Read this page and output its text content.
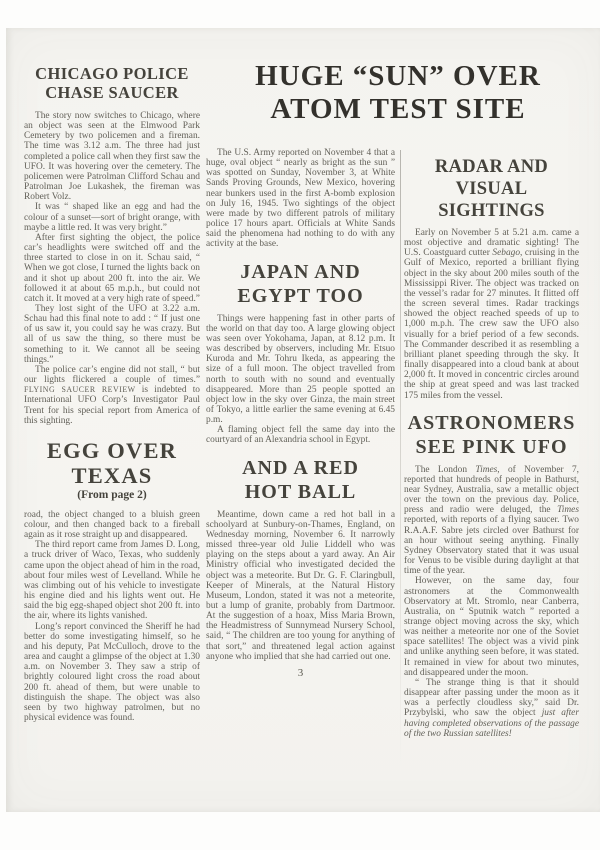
HUGE “SUN” OVER
ATOM TEST SITE
CHICAGO POLICE
CHASE SAUCER

The story now switches to Chicago, where an object was seen at the Elmwood Park Cemetery by two policemen and a fireman. The time was 3.12 a.m. The three had just completed a police call when they first saw the UFO. It was hovering over the cemetery. The policemen were Patrolman Clifford Schau and Patrolman Joe Lukashek, the fireman was Robert Volz.

It was “ shaped like an egg and had the colour of a sunset—sort of bright orange, with maybe a little red. It was very bright.”

After first sighting the object, the police car’s headlights were switched off and the three started to close in on it. Schau said, “ When we got close, I turned the lights back on and it shot up about 200 ft. into the air. We followed it at about 65 m.p.h., but could not catch it. It moved at a very high rate of speed.”

They lost sight of the UFO at 3.22 a.m. Schau had this final note to add : “ If just one of us saw it, you could say he was crazy. But all of us saw the thing, so there must be something to it. We cannot all be seeing things.”

The police car’s engine did not stall, “ but our lights flickered a couple of times.” FLYING SAUCER REVIEW is indebted to International UFO Corp’s Investigator Paul Trent for his special report from America of this sighting.

EGG OVER TEXAS
(From page 2)

road, the object changed to a bluish green colour, and then changed back to a fireball again as it rose straight up and disappeared.

The third report came from James D. Long, a truck driver of Waco, Texas, who suddenly came upon the object ahead of him in the road, about four miles west of Levelland. While he was climbing out of his vehicle to investigate his engine died and his lights went out. He said the big egg-shaped object shot 200 ft. into the air, where its lights vanished.

Long’s report convinced the Sheriff he had better do some investigating himself, so he and his deputy, Pat McCulloch, drove to the area and caught a glimpse of the object at 1.30 a.m. on November 3. They saw a strip of brightly coloured light cross the road about 200 ft. ahead of them, but were unable to distinguish the shape. The object was also seen by two highway patrolmen, but no physical evidence was found.

The U.S. Army reported on November 4 that a huge, oval object “ nearly as bright as the sun ” was spotted on Sunday, November 3, at White Sands Proving Grounds, New Mexico, hovering near bunkers used in the first A-bomb explosion on July 16, 1945. Two sightings of the object were made by two different patrols of military police 17 hours apart. Officials at White Sands said the phenomena had nothing to do with any activity at the base.

JAPAN AND
EGYPT TOO

Things were happening fast in other parts of the world on that day too. A large glowing object was seen over Yokohama, Japan, at 8.12 p.m. It was described by observers, including Mr. Etsuo Kuroda and Mr. Tohru Ikeda, as appearing the size of a full moon. The object travelled from north to south with no sound and eventually disappeared. More than 25 people spotted an object low in the sky over Ginza, the main street of Tokyo, a little earlier the same evening at 6.45 p.m.

A flaming object fell the same day into the courtyard of an Alexandria school in Egypt.

AND A RED
HOT BALL

Meantime, down came a red hot ball in a schoolyard at Sunbury-on-Thames, England, on Wednesday morning, November 6. It narrowly missed three-year old Julie Liddell who was playing on the steps about a yard away. An Air Ministry official who investigated decided the object was a meteorite. But Dr. G. F. Claringbull, Keeper of Minerals, at the Natural History Museum, London, stated it was not a meteorite, but a lump of granite, probably from Dartmoor. At the suggestion of a hoax, Miss Maria Brown, the Headmistress of Sunnymead Nursery School, said, “ The children are too young for anything of that sort,” and threatened legal action against anyone who implied that she had carried out one.

3
RADAR AND
VISUAL SIGHTINGS

Early on November 5 at 5.21 a.m. came a most objective and dramatic sighting! The U.S. Coastguard cutter Sebago, cruising in the Gulf of Mexico, reported a brilliant flying object in the sky about 200 miles south of the Mississippi River. The object was tracked on the vessel’s radar for 27 minutes. It flitted off the screen several times. Radar trackings showed the object reached speeds of up to 1,000 m.p.h. The crew saw the UFO also visually for a brief period of a few seconds. The Commander described it as resembling a brilliant planet speeding through the sky. It finally disappeared into a cloud bank at about 2,000 ft. It moved in concentric circles around the ship at great speed and was last tracked 175 miles from the vessel.

ASTRONOMERS
SEE PINK UFO

The London Times, of November 7, reported that hundreds of people in Bathurst, near Sydney, Australia, saw a metallic object over the town on the previous day. Police, press and radio were deluged, the Times reported, with reports of a flying saucer. Two R.A.A.F. Sabre jets circled over Bathurst for an hour without seeing anything. Finally Sydney Observatory stated that it was usual for Venus to be visible during daylight at that time of the year.

However, on the same day, four astronomers at the Commonwealth Observatory at Mt. Stromlo, near Canberra, Australia, on “ Sputnik watch ” reported a strange object moving across the sky, which was neither a meteorite nor one of the Soviet space satellites! The object was a vivid pink and unlike anything seen before, it was stated. It remained in view for about two minutes, and disappeared under the moon.

“ The strange thing is that it should disappear after passing under the moon as it was a perfectly cloudless sky,” said Dr. Przybylski, who saw the object just after having completed observations of the passage of the two Russian satellites!
